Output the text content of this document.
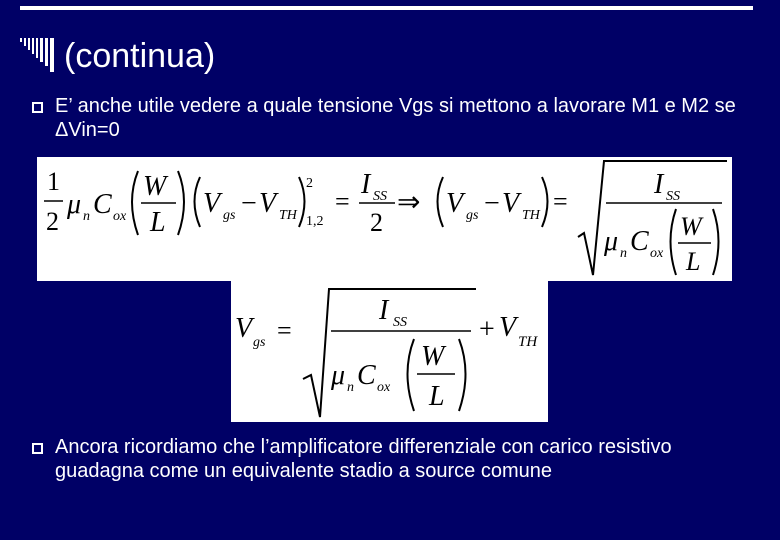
(continua)
E’ anche utile vedere a quale tensione Vgs si mettono a lavorare M1 e M2 se ΔVin=0
1
2
μ n C ox
W
L
V gs − V TH
2
1,2
=
I SS
2
⇒ V gs − V TH =
I SS
μ n C ox
W
L
V gs =
I SS
μ n C ox
W
L
+ V TH
Ancora ricordiamo che l’amplificatore differenziale con carico resistivo guadagna come un equivalente stadio a source comune
